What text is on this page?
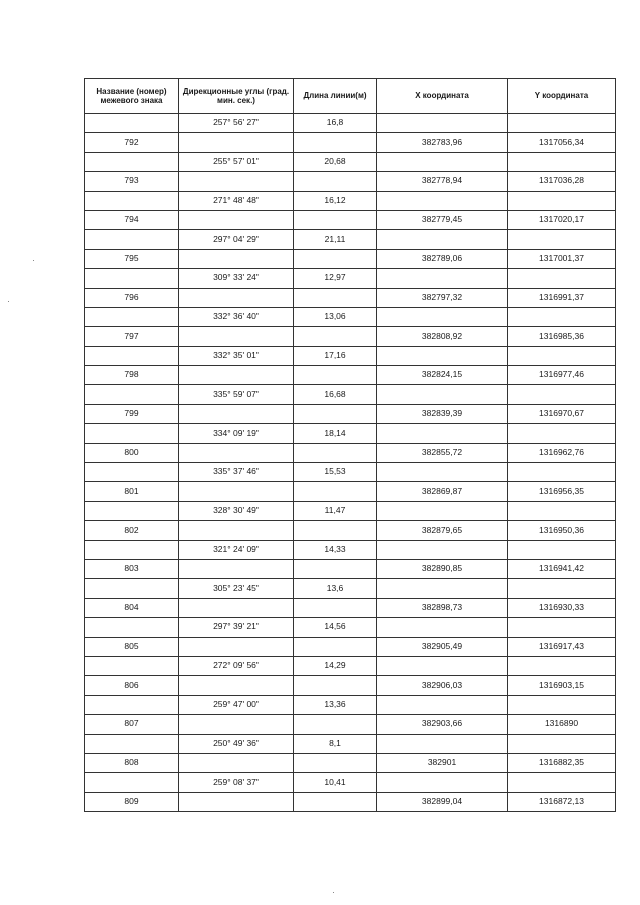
Название (номер) межевого знака	Дирекционные углы (град. мин. сек.)	Длина линии(м)	X координата	Y координата
	257° 56' 27"	16,8		
792			382783,96	1317056,34
	255° 57' 01"	20,68		
793			382778,94	1317036,28
	271° 48' 48"	16,12		
794			382779,45	1317020,17
	297° 04' 29"	21,11		
795			382789,06	1317001,37
	309° 33' 24"	12,97		
796			382797,32	1316991,37
	332° 36' 40"	13,06		
797			382808,92	1316985,36
	332° 35' 01"	17,16		
798			382824,15	1316977,46
	335° 59' 07"	16,68		
799			382839,39	1316970,67
	334° 09' 19"	18,14		
800			382855,72	1316962,76
	335° 37' 46"	15,53		
801			382869,87	1316956,35
	328° 30' 49"	11,47		
802			382879,65	1316950,36
	321° 24' 09"	14,33		
803			382890,85	1316941,42
	305° 23' 45"	13,6		
804			382898,73	1316930,33
	297° 39' 21"	14,56		
805			382905,49	1316917,43
	272° 09' 56"	14,29		
806			382906,03	1316903,15
	259° 47' 00"	13,36		
807			382903,66	1316890
	250° 49' 36"	8,1		
808			382901	1316882,35
	259° 08' 37"	10,41		
809			382899,04	1316872,13
